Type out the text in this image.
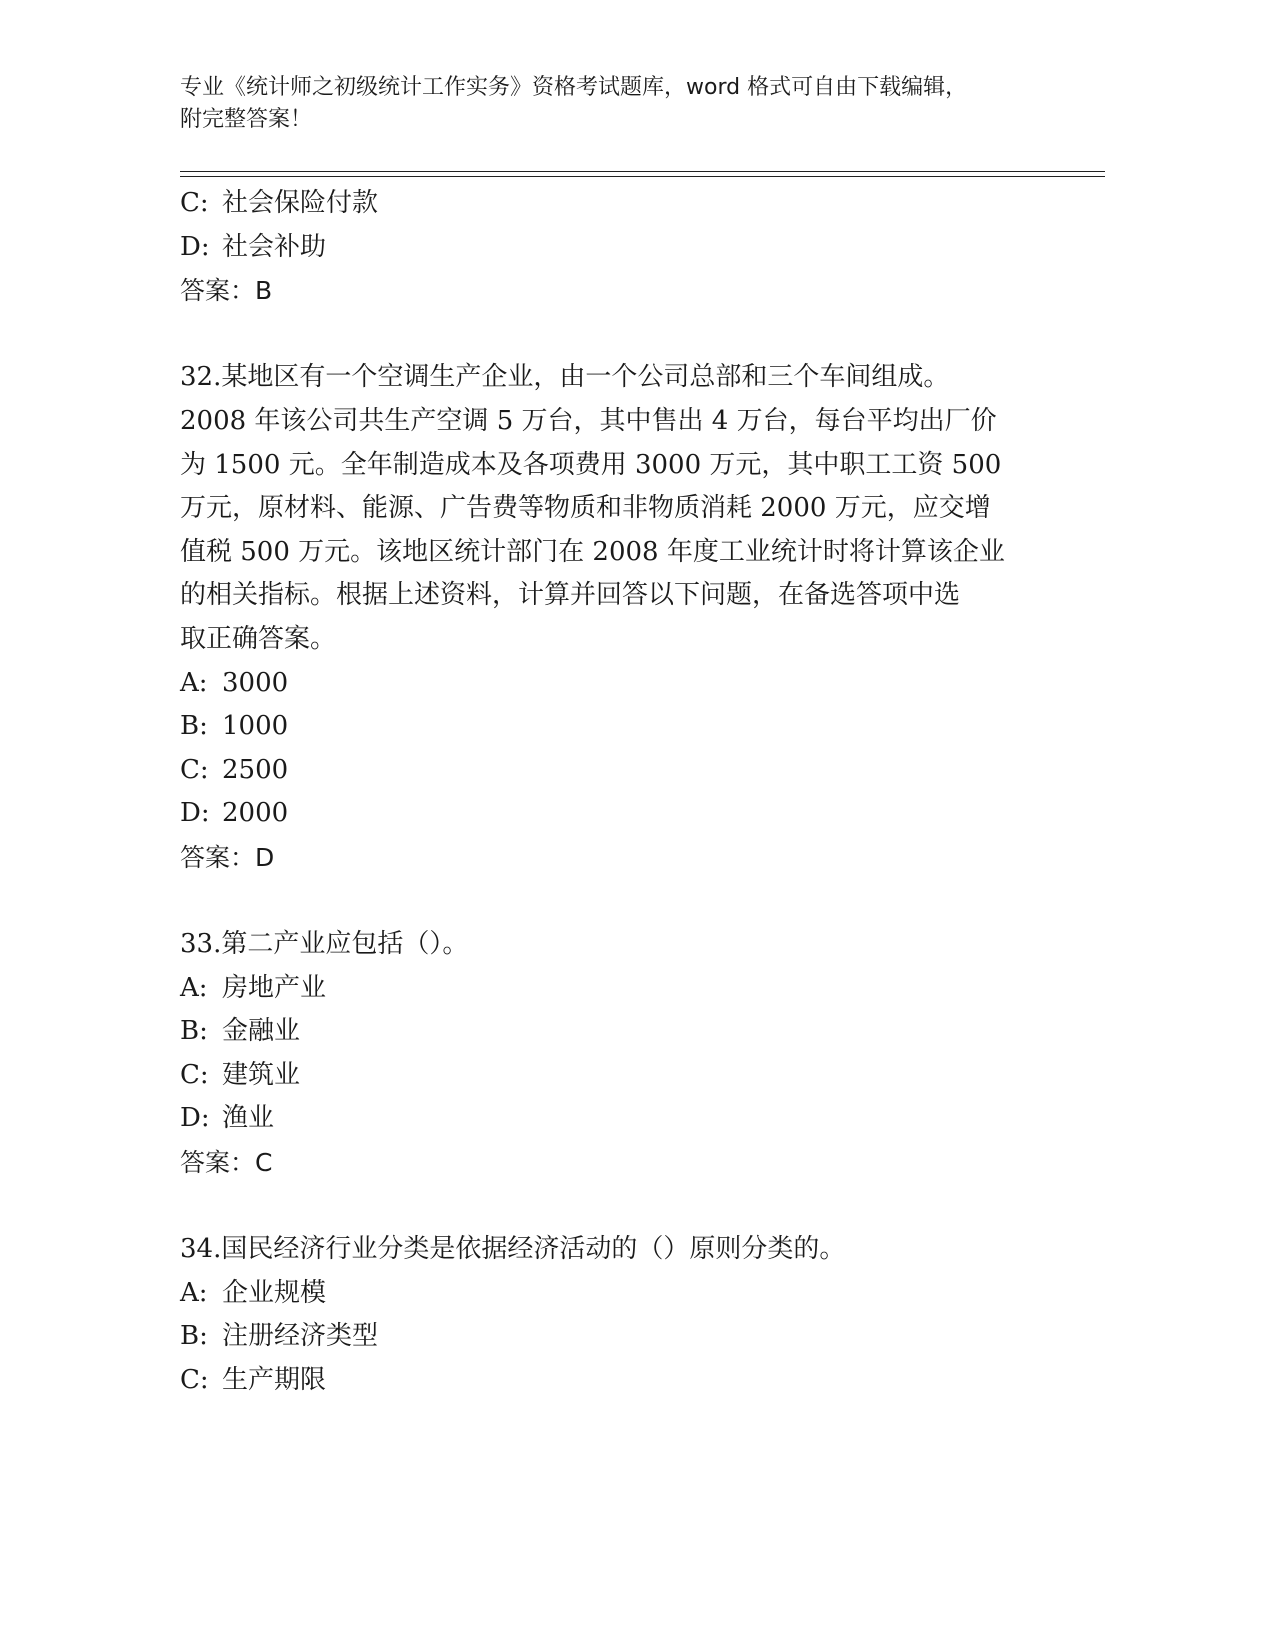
专业《统计师之初级统计工作实务》资格考试题库，word 格式可自由下载编辑，
附完整答案！
C: 社会保险付款
D: 社会补助
答案：B
32.某地区有一个空调生产企业，由一个公司总部和三个车间组成。
2008 年该公司共生产空调 5 万台，其中售出 4 万台，每台平均出厂价
为 1500 元。全年制造成本及各项费用 3000 万元，其中职工工资 500
万元，原材料、能源、广告费等物质和非物质消耗 2000 万元，应交增
值税 500 万元。该地区统计部门在 2008 年度工业统计时将计算该企业
的相关指标。根据上述资料，计算并回答以下问题，在备选答项中选
取正确答案。
A: 3000
B: 1000
C: 2500
D: 2000
答案：D
33.第二产业应包括（）。
A: 房地产业
B: 金融业
C: 建筑业
D: 渔业
答案：C
34.国民经济行业分类是依据经济活动的（）原则分类的。
A: 企业规模
B: 注册经济类型
C: 生产期限
